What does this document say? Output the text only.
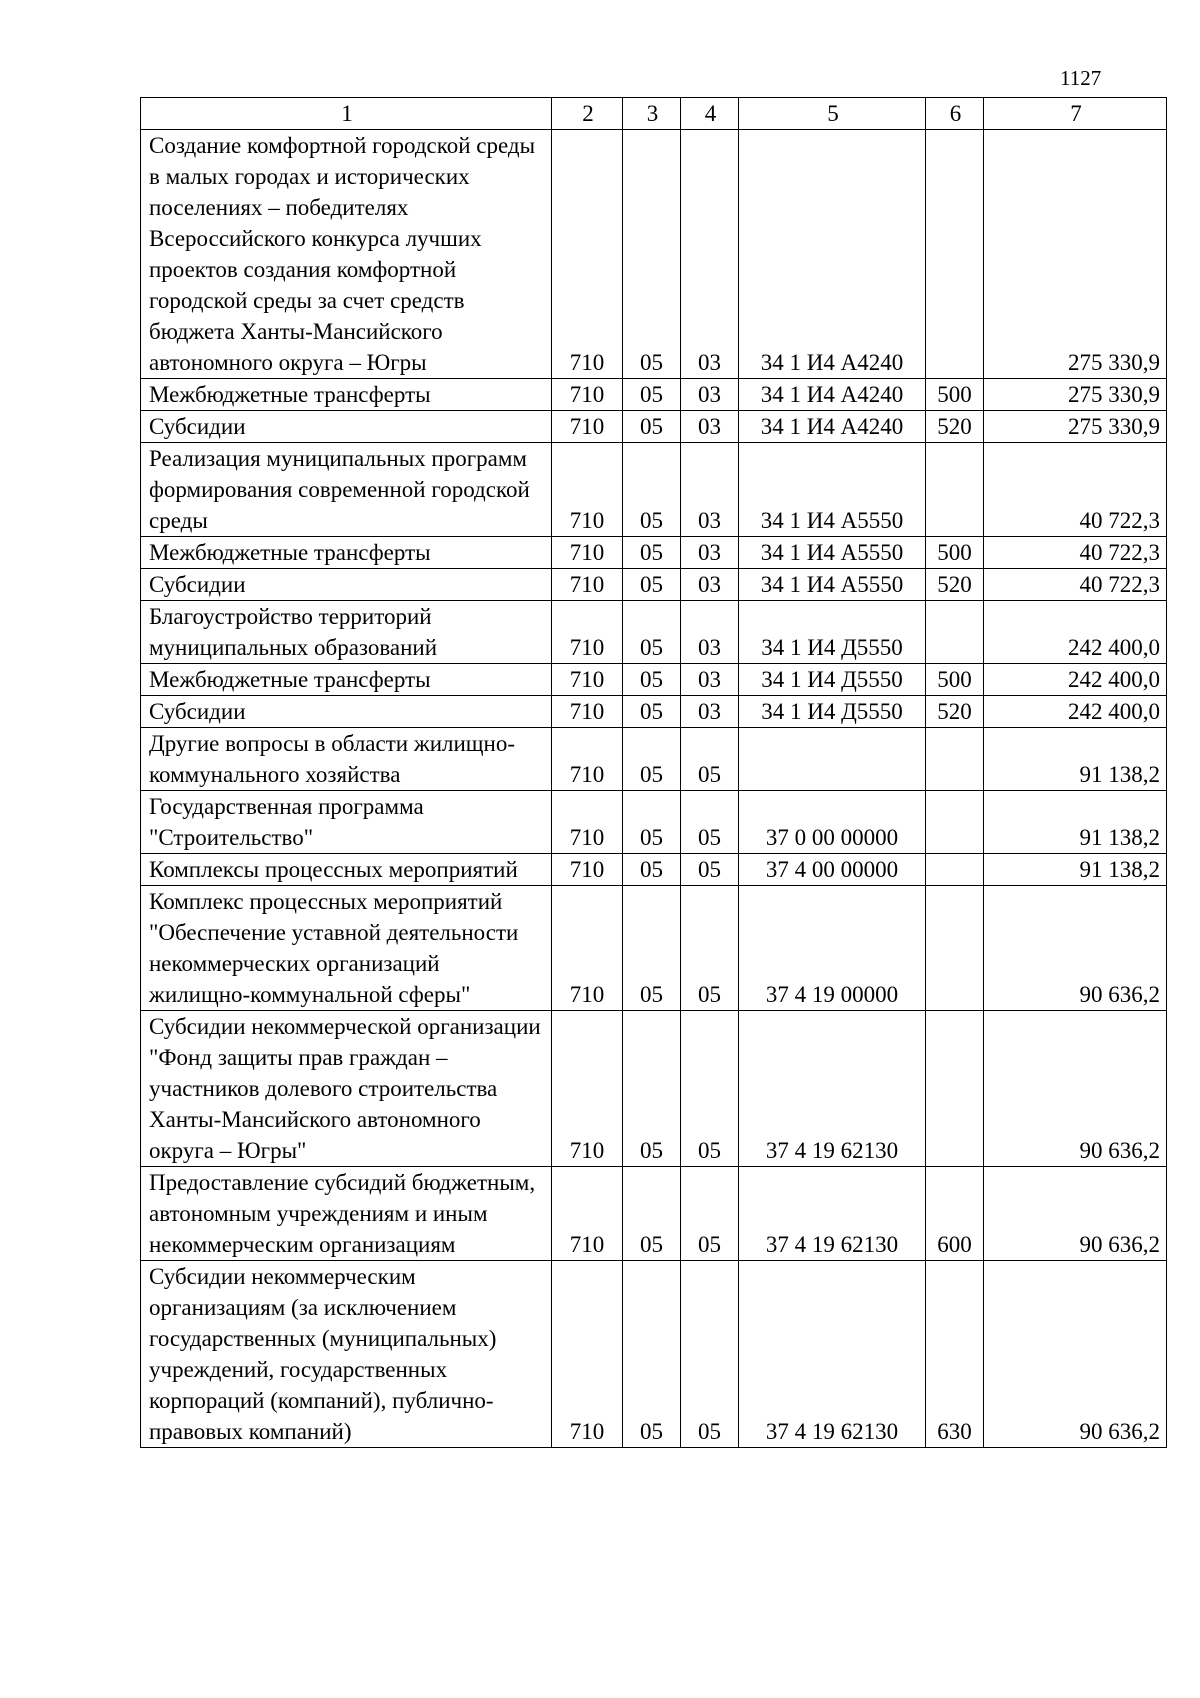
1127
1	2	3	4	5	6	7
Создание комфортной городской среды в малых городах и исторических поселениях – победителях Всероссийского конкурса лучших проектов создания комфортной городской среды за счет средств бюджета Ханты-Мансийского автономного округа – Югры	710	05	03	34 1 И4 А4240		275 330,9
Межбюджетные трансферты	710	05	03	34 1 И4 А4240	500	275 330,9
Субсидии	710	05	03	34 1 И4 А4240	520	275 330,9
Реализация муниципальных программ формирования современной городской среды	710	05	03	34 1 И4 А5550		40 722,3
Межбюджетные трансферты	710	05	03	34 1 И4 А5550	500	40 722,3
Субсидии	710	05	03	34 1 И4 А5550	520	40 722,3
Благоустройство территорий муниципальных образований	710	05	03	34 1 И4 Д5550		242 400,0
Межбюджетные трансферты	710	05	03	34 1 И4 Д5550	500	242 400,0
Субсидии	710	05	03	34 1 И4 Д5550	520	242 400,0
Другие вопросы в области жилищно-коммунального хозяйства	710	05	05			91 138,2
Государственная программа "Строительство"	710	05	05	37 0 00 00000		91 138,2
Комплексы процессных мероприятий	710	05	05	37 4 00 00000		91 138,2
Комплекс процессных мероприятий "Обеспечение уставной деятельности некоммерческих организаций жилищно-коммунальной сферы"	710	05	05	37 4 19 00000		90 636,2
Субсидии некоммерческой организации "Фонд защиты прав граждан – участников долевого строительства Ханты-Мансийского автономного округа – Югры"	710	05	05	37 4 19 62130		90 636,2
Предоставление субсидий бюджетным, автономным учреждениям и иным некоммерческим организациям	710	05	05	37 4 19 62130	600	90 636,2
Субсидии некоммерческим организациям (за исключением государственных (муниципальных) учреждений, государственных корпораций (компаний), публично-правовых компаний)	710	05	05	37 4 19 62130	630	90 636,2
